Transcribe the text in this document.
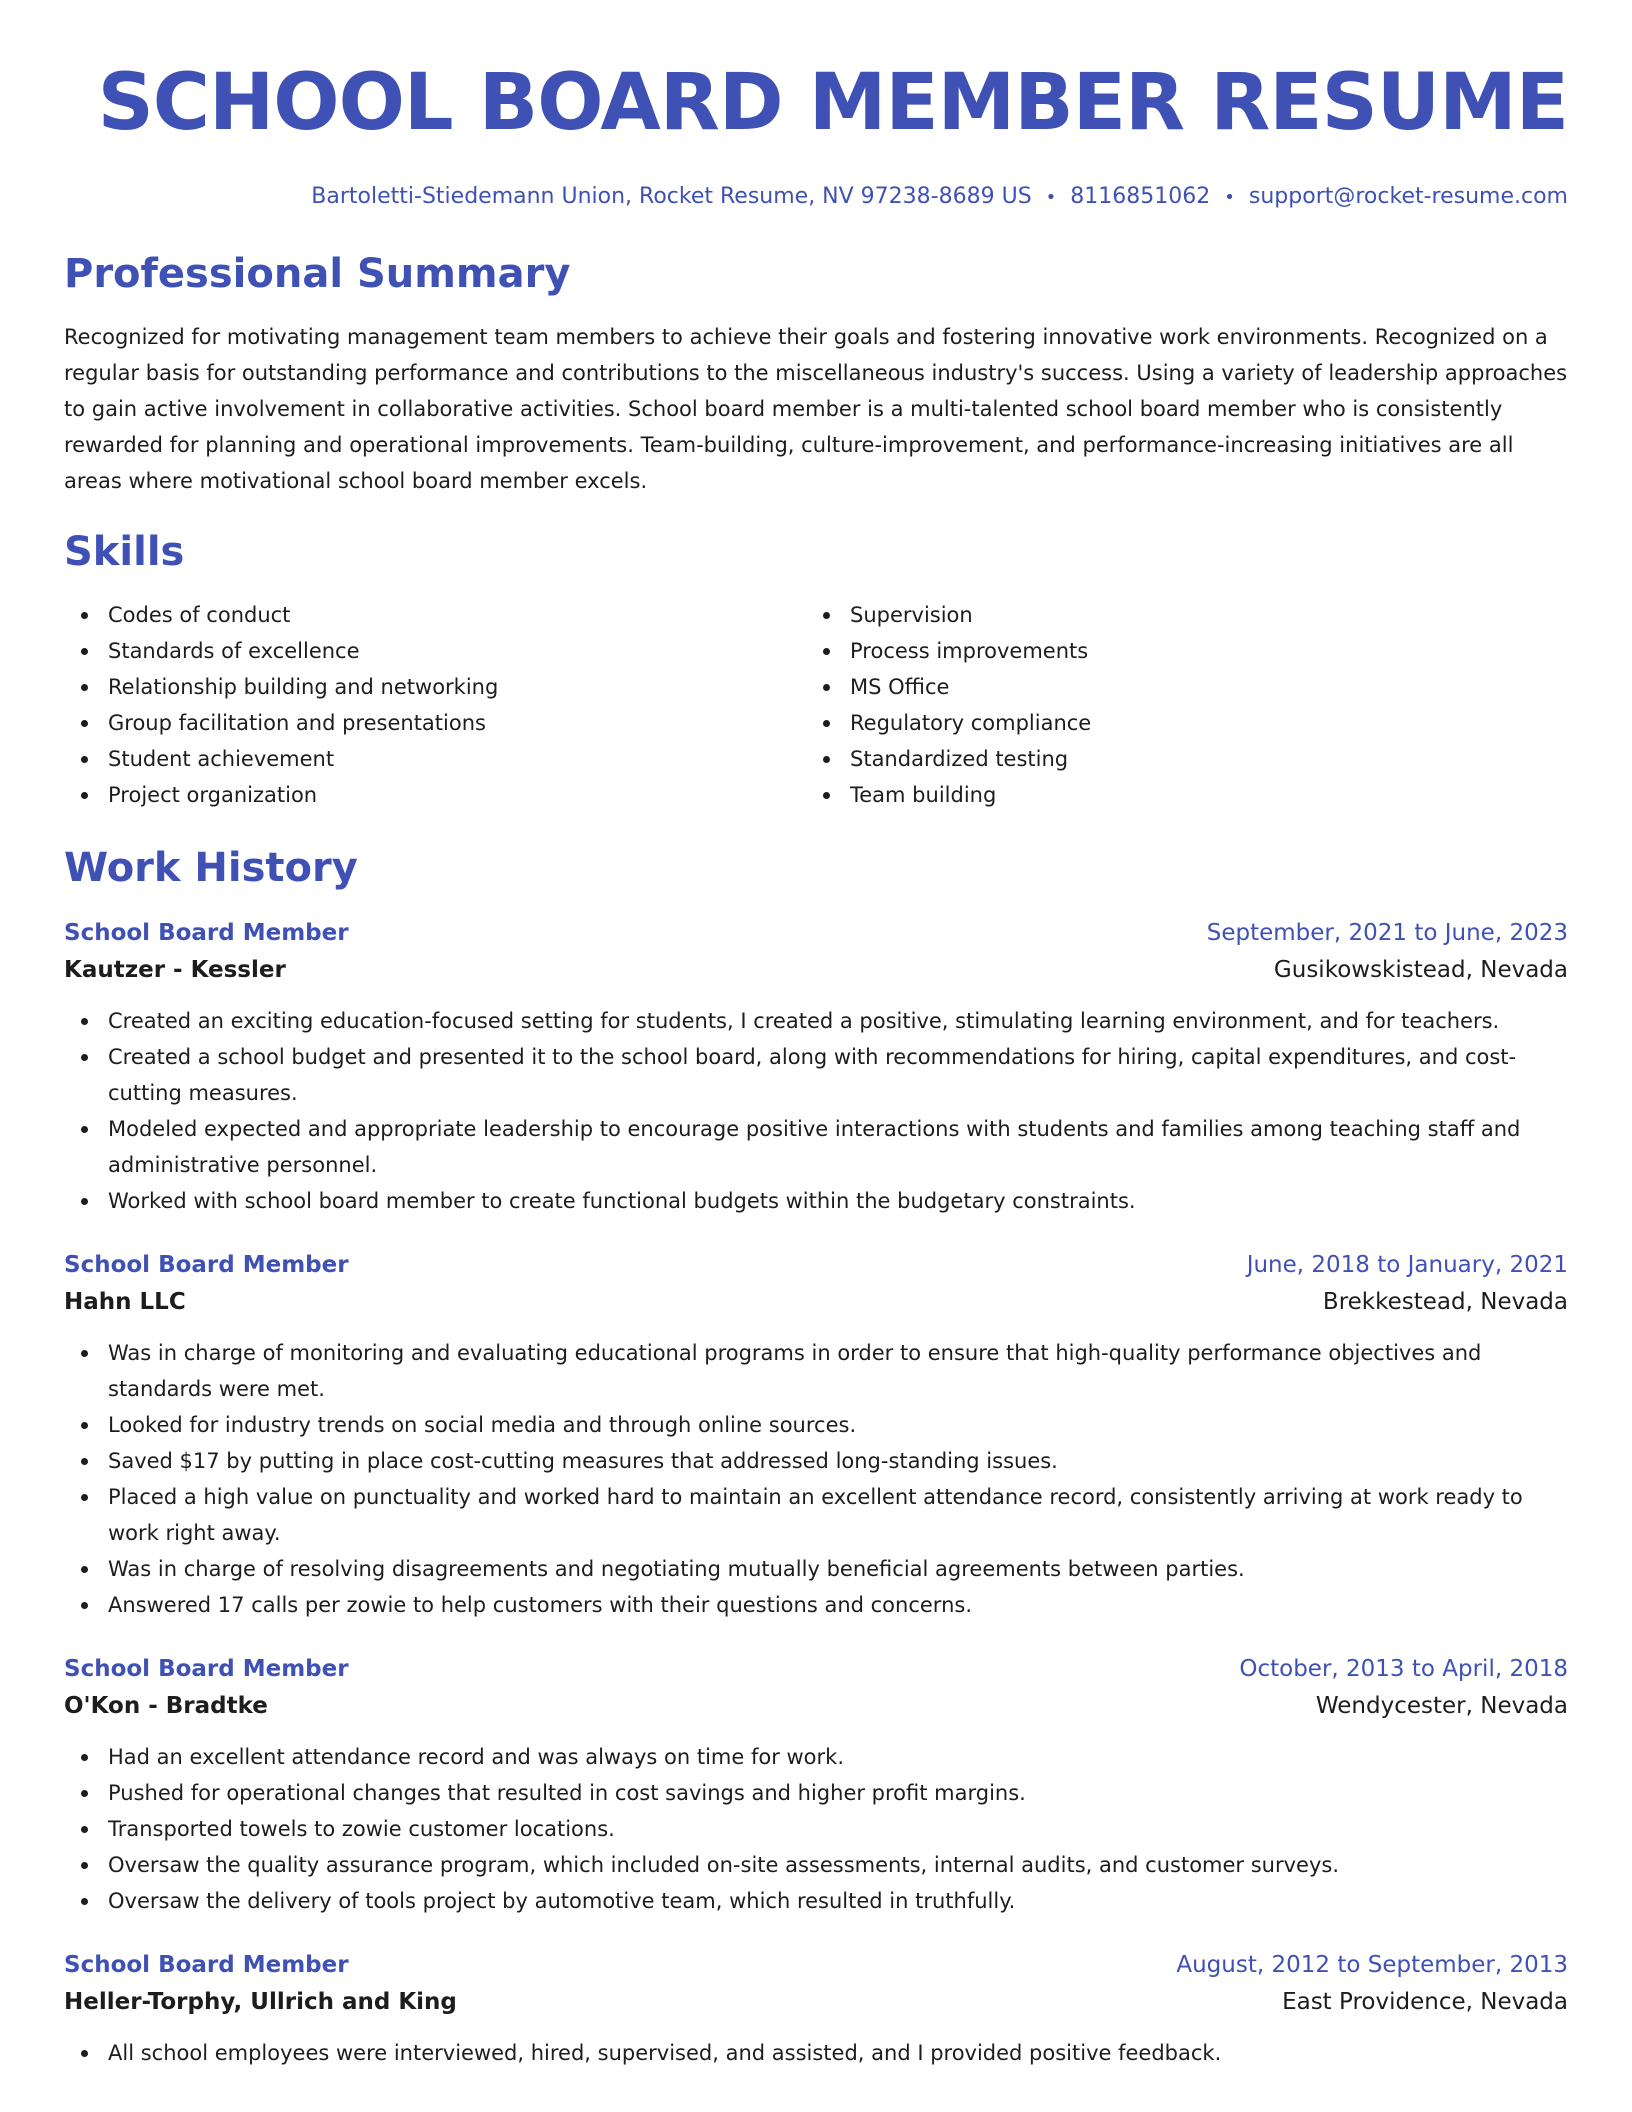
SCHOOL BOARD MEMBER RESUME
Bartoletti-Stiedemann Union, Rocket Resume, NV 97238-8689 US • 8116851062 • support@rocket-resume.com
Professional Summary

Recognized for motivating management team members to achieve their goals and fostering innovative work environments. Recognized on a regular basis for outstanding performance and contributions to the miscellaneous industry's success. Using a variety of leadership approaches to gain active involvement in collaborative activities. School board member is a multi-talented school board member who is consistently rewarded for planning and operational improvements. Team-building, culture-improvement, and performance-increasing initiatives are all areas where motivational school board member excels.

Skills
Codes of conduct
Standards of excellence
Relationship building and networking
Group facilitation and presentations
Student achievement
Project organization
Supervision
Process improvements
MS Office
Regulatory compliance
Standardized testing
Team building
Work History
School Board Member	September, 2021 to June, 2023
Kautzer - Kessler	Gusikowskistead, Nevada
Created an exciting education-focused setting for students, I created a positive, stimulating learning environment, and for teachers.
Created a school budget and presented it to the school board, along with recommendations for hiring, capital expenditures, and cost-cutting measures.
Modeled expected and appropriate leadership to encourage positive interactions with students and families among teaching staff and administrative personnel.
Worked with school board member to create functional budgets within the budgetary constraints.
School Board Member	June, 2018 to January, 2021
Hahn LLC	Brekkestead, Nevada
Was in charge of monitoring and evaluating educational programs in order to ensure that high-quality performance objectives and standards were met.
Looked for industry trends on social media and through online sources.
Saved $17 by putting in place cost-cutting measures that addressed long-standing issues.
Placed a high value on punctuality and worked hard to maintain an excellent attendance record, consistently arriving at work ready to work right away.
Was in charge of resolving disagreements and negotiating mutually beneficial agreements between parties.
Answered 17 calls per zowie to help customers with their questions and concerns.
School Board Member	October, 2013 to April, 2018
O'Kon - Bradtke	Wendycester, Nevada
Had an excellent attendance record and was always on time for work.
Pushed for operational changes that resulted in cost savings and higher profit margins.
Transported towels to zowie customer locations.
Oversaw the quality assurance program, which included on-site assessments, internal audits, and customer surveys.
Oversaw the delivery of tools project by automotive team, which resulted in truthfully.
School Board Member	August, 2012 to September, 2013
Heller-Torphy, Ullrich and King	East Providence, Nevada
All school employees were interviewed, hired, supervised, and assisted, and I provided positive feedback.
